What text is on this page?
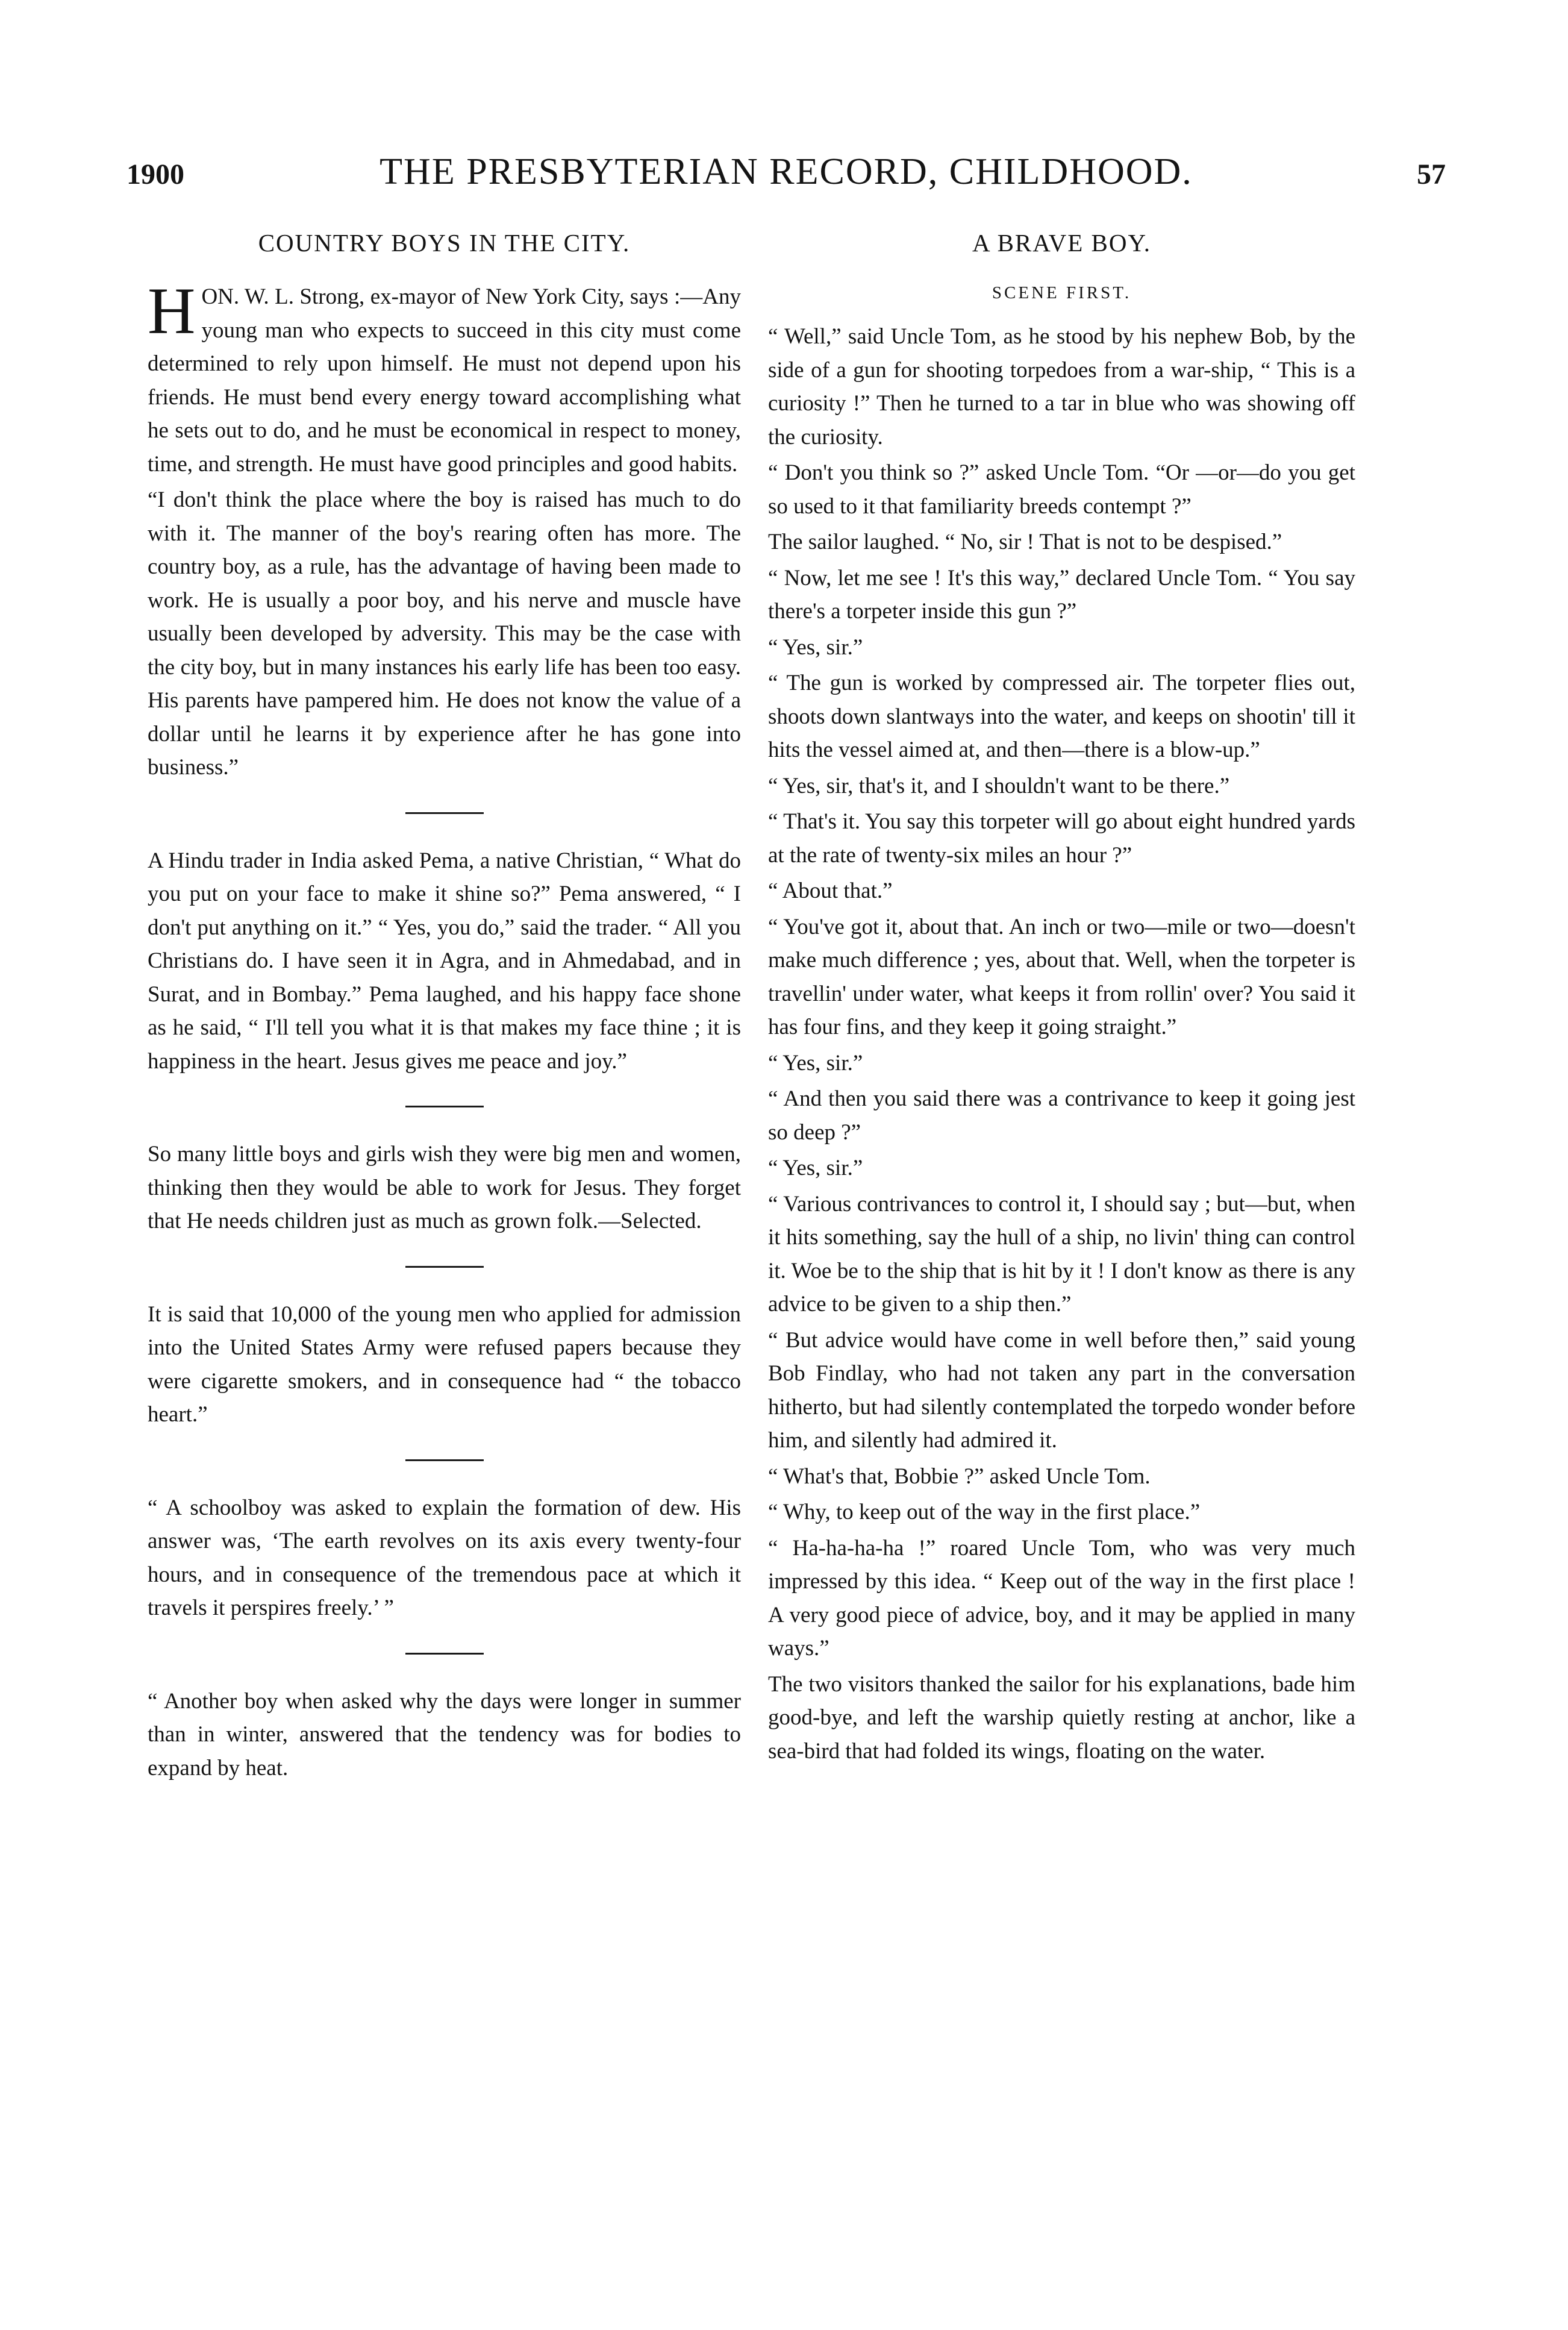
1900	THE PRESBYTERIAN RECORD, CHILDHOOD.	57
COUNTRY BOYS IN THE CITY.

HON. W. L. Strong, ex-mayor of New York City, says :—Any young man who expects to succeed in this city must come determined to rely upon himself. He must not depend upon his friends. He must bend every energy toward accomplishing what he sets out to do, and he must be economical in respect to money, time, and strength. He must have good principles and good habits.

“I don't think the place where the boy is raised has much to do with it. The manner of the boy's rearing often has more. The country boy, as a rule, has the advantage of having been made to work. He is usually a poor boy, and his nerve and muscle have usually been developed by adversity. This may be the case with the city boy, but in many instances his early life has been too easy. His parents have pampered him. He does not know the value of a dollar until he learns it by experience after he has gone into business.”

A Hindu trader in India asked Pema, a native Christian, “ What do you put on your face to make it shine so?” Pema answered, “ I don't put anything on it.” “ Yes, you do,” said the trader. “ All you Christians do. I have seen it in Agra, and in Ahmedabad, and in Surat, and in Bombay.” Pema laughed, and his happy face shone as he said, “ I'll tell you what it is that makes my face thine ; it is happiness in the heart. Jesus gives me peace and joy.”

So many little boys and girls wish they were big men and women, thinking then they would be able to work for Jesus. They forget that He needs children just as much as grown folk.—Selected.

It is said that 10,000 of the young men who applied for admission into the United States Army were refused papers because they were cigarette smokers, and in consequence had “ the tobacco heart.”

“ A schoolboy was asked to explain the formation of dew. His answer was, ‘The earth revolves on its axis every twenty-four hours, and in consequence of the tremendous pace at which it travels it perspires freely.’ ”

“ Another boy when asked why the days were longer in summer than in winter, answered that the tendency was for bodies to expand by heat.

A BRAVE BOY.
SCENE FIRST.

“ Well,” said Uncle Tom, as he stood by his nephew Bob, by the side of a gun for shooting torpedoes from a war-ship, “ This is a curiosity !” Then he turned to a tar in blue who was showing off the curiosity.

“ Don't you think so ?” asked Uncle Tom. “Or —or—do you get so used to it that familiarity breeds contempt ?”

The sailor laughed. “ No, sir ! That is not to be despised.”

“ Now, let me see ! It's this way,” declared Uncle Tom. “ You say there's a torpeter inside this gun ?”

“ Yes, sir.”

“ The gun is worked by compressed air. The torpeter flies out, shoots down slantways into the water, and keeps on shootin' till it hits the vessel aimed at, and then—there is a blow-up.”

“ Yes, sir, that's it, and I shouldn't want to be there.”

“ That's it. You say this torpeter will go about eight hundred yards at the rate of twenty-six miles an hour ?”

“ About that.”

“ You've got it, about that. An inch or two—mile or two—doesn't make much difference ; yes, about that. Well, when the torpeter is travellin' under water, what keeps it from rollin' over? You said it has four fins, and they keep it going straight.”

“ Yes, sir.”

“ And then you said there was a contrivance to keep it going jest so deep ?”

“ Yes, sir.”

“ Various contrivances to control it, I should say ; but—but, when it hits something, say the hull of a ship, no livin' thing can control it. Woe be to the ship that is hit by it ! I don't know as there is any advice to be given to a ship then.”

“ But advice would have come in well before then,” said young Bob Findlay, who had not taken any part in the conversation hitherto, but had silently contemplated the torpedo wonder before him, and silently had admired it.

“ What's that, Bobbie ?” asked Uncle Tom.

“ Why, to keep out of the way in the first place.”

“ Ha-ha-ha-ha !” roared Uncle Tom, who was very much impressed by this idea. “ Keep out of the way in the first place ! A very good piece of advice, boy, and it may be applied in many ways.”

The two visitors thanked the sailor for his explanations, bade him good-bye, and left the warship quietly resting at anchor, like a sea-bird that had folded its wings, floating on the water.
